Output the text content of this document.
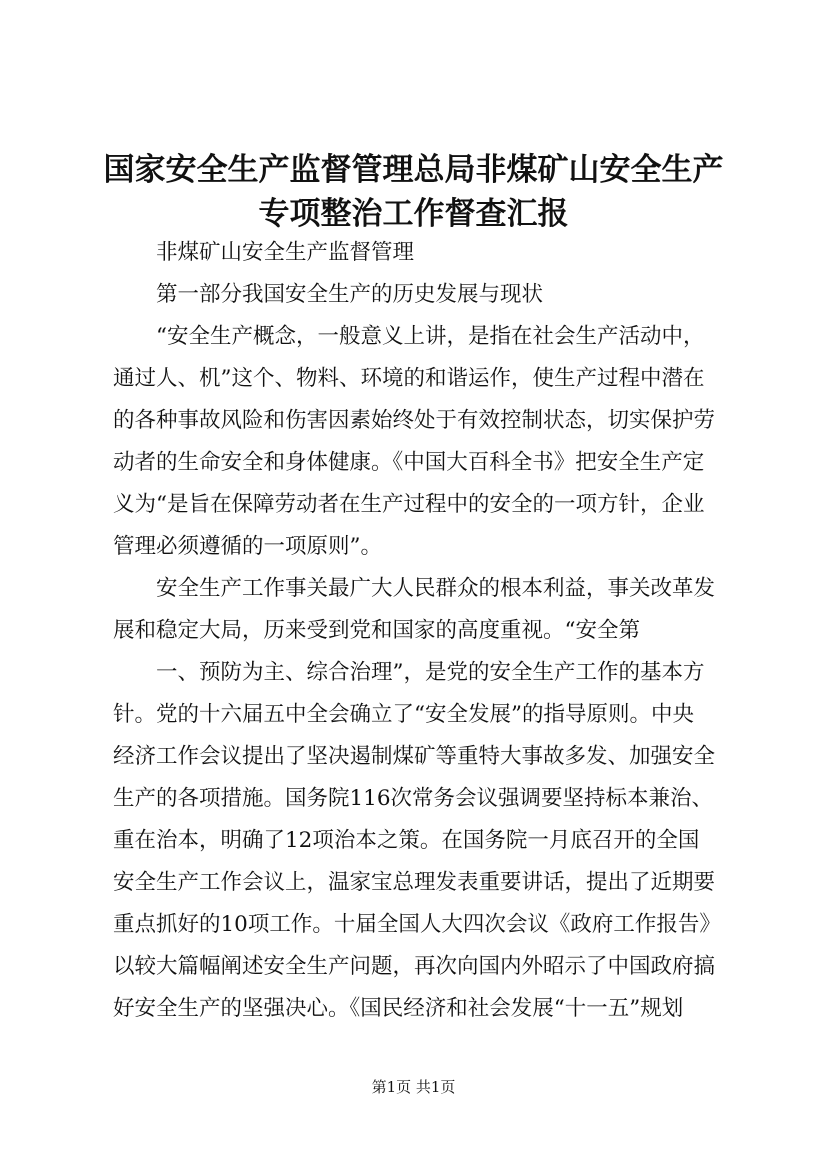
国家安全生产监督管理总局非煤矿山安全生产
专项整治工作督查汇报
非煤矿山安全生产监督管理
第一部分我国安全生产的历史发展与现状
“安全生产概念，一般意义上讲，是指在社会生产活动中，
通过人、机”这个、物料、环境的和谐运作，使生产过程中潜在
的各种事故风险和伤害因素始终处于有效控制状态，切实保护劳
动者的生命安全和身体健康。《中国大百科全书》把安全生产定
义为“是旨在保障劳动者在生产过程中的安全的一项方针，企业
管理必须遵循的一项原则”。
安全生产工作事关最广大人民群众的根本利益，事关改革发
展和稳定大局，历来受到党和国家的高度重视。“安全第
一、预防为主、综合治理”，是党的安全生产工作的基本方
针。党的十六届五中全会确立了“安全发展”的指导原则。中央
经济工作会议提出了坚决遏制煤矿等重特大事故多发、加强安全
生产的各项措施。国务院116次常务会议强调要坚持标本兼治、
重在治本，明确了12项治本之策。在国务院一月底召开的全国
安全生产工作会议上，温家宝总理发表重要讲话，提出了近期要
重点抓好的10项工作。十届全国人大四次会议《政府工作报告》
以较大篇幅阐述安全生产问题，再次向国内外昭示了中国政府搞
好安全生产的坚强决心。《国民经济和社会发展“十一五”规划
第1页 共1页
